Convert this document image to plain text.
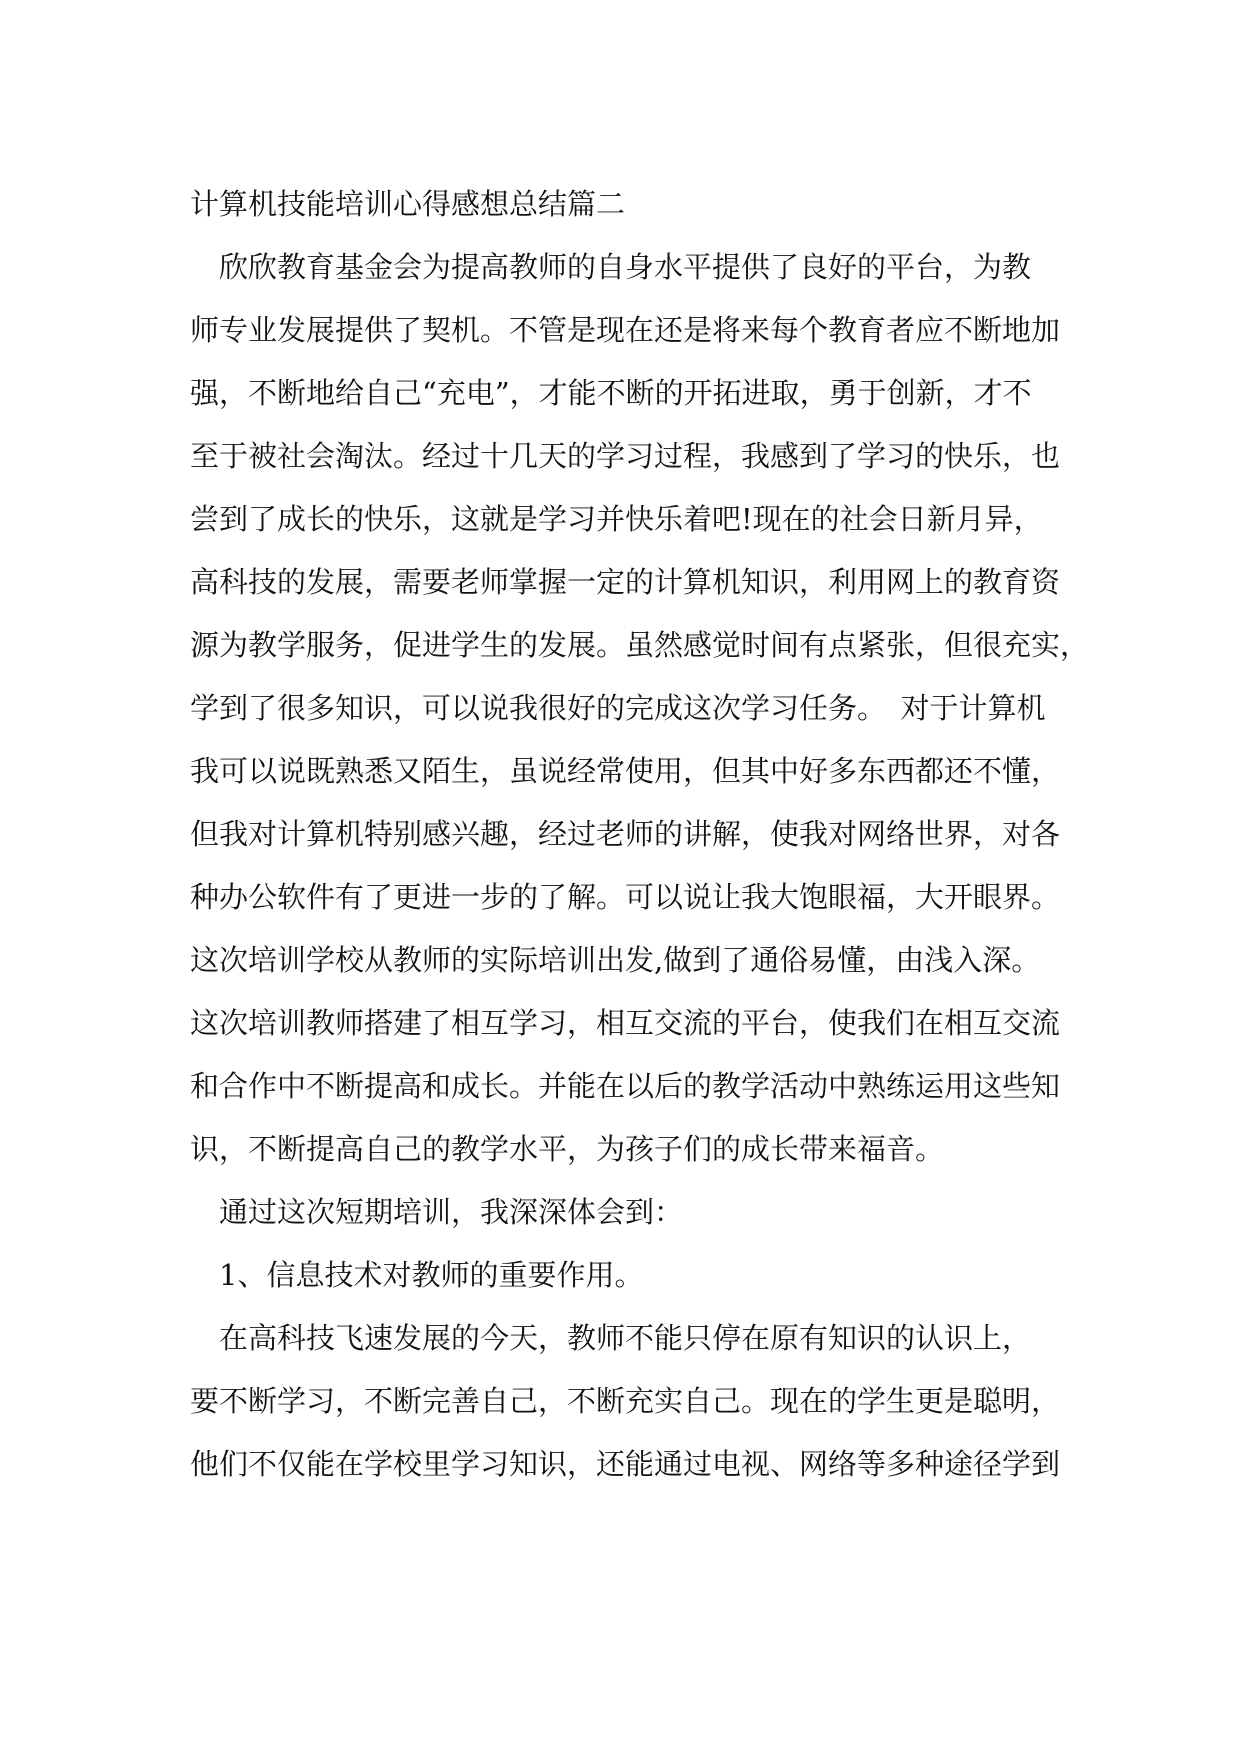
计算机技能培训心得感想总结篇二

　欣欣教育基金会为提高教师的自身水平提供了良好的平台，为教

师专业发展提供了契机。不管是现在还是将来每个教育者应不断地加

强，不断地给自己“充电”，才能不断的开拓进取，勇于创新，才不

至于被社会淘汰。经过十几天的学习过程，我感到了学习的快乐，也

尝到了成长的快乐，这就是学习并快乐着吧!现在的社会日新月异，

高科技的发展，需要老师掌握一定的计算机知识，利用网上的教育资

源为教学服务，促进学生的发展。虽然感觉时间有点紧张，但很充实，

学到了很多知识，可以说我很好的完成这次学习任务。　对于计算机

我可以说既熟悉又陌生，虽说经常使用，但其中好多东西都还不懂，

但我对计算机特别感兴趣，经过老师的讲解，使我对网络世界，对各

种办公软件有了更进一步的了解。可以说让我大饱眼福，大开眼界。

这次培训学校从教师的实际培训出发,做到了通俗易懂，由浅入深。

这次培训教师搭建了相互学习，相互交流的平台，使我们在相互交流

和合作中不断提高和成长。并能在以后的教学活动中熟练运用这些知

识，不断提高自己的教学水平，为孩子们的成长带来福音。

　通过这次短期培训，我深深体会到：

　1、信息技术对教师的重要作用。

　在高科技飞速发展的今天，教师不能只停在原有知识的认识上，

要不断学习，不断完善自己，不断充实自己。现在的学生更是聪明，

他们不仅能在学校里学习知识，还能通过电视、网络等多种途径学到
